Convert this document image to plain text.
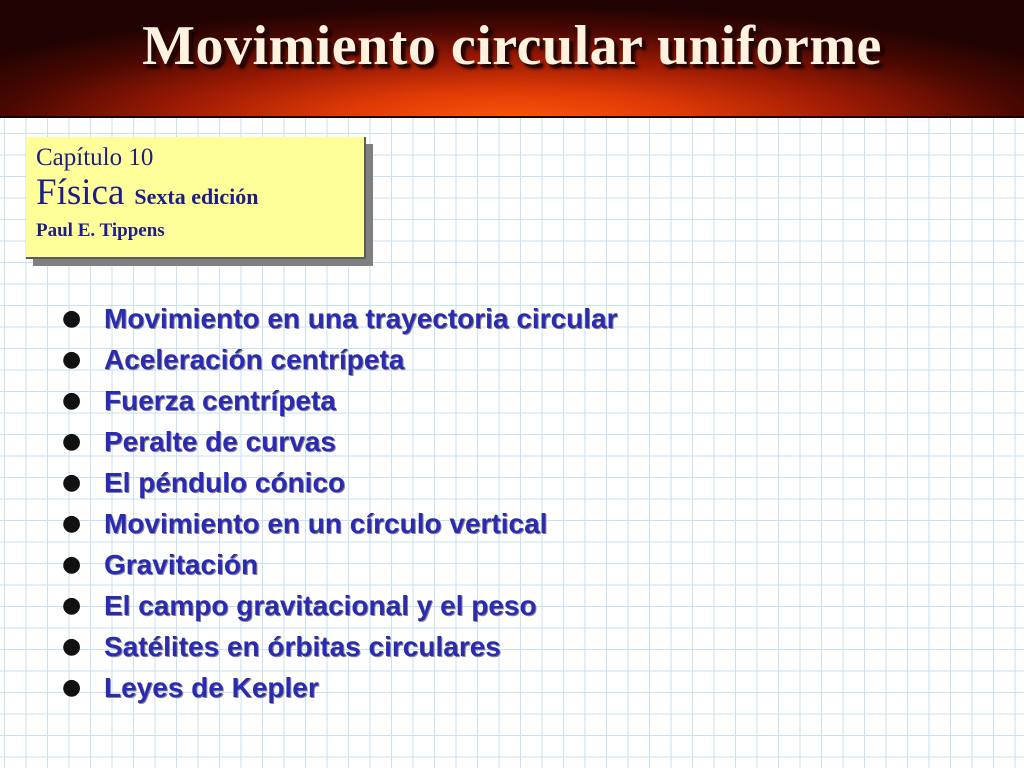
Movimiento circular uniforme
Capítulo 10
Física Sexta edición
Paul E. Tippens
● Movimiento en una trayectoria circular
● Aceleración centrípeta
● Fuerza centrípeta
● Peralte de curvas
● El péndulo cónico
● Movimiento en un círculo vertical
● Gravitación
● El campo gravitacional y el peso
● Satélites en órbitas circulares
● Leyes de Kepler
